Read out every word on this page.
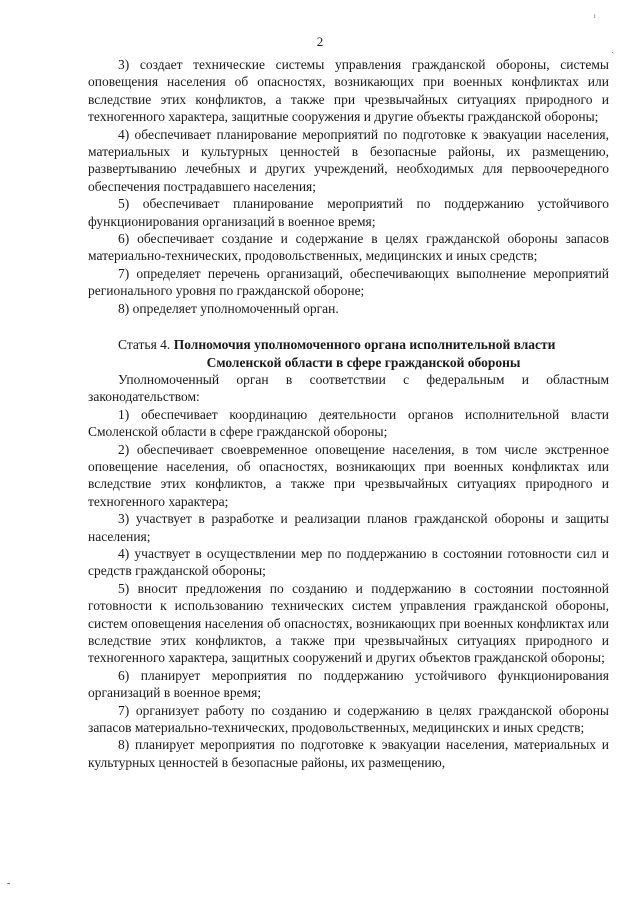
ᵢ
ˎ
-
2

3) создает технические системы управления гражданской обороны, системы оповещения населения об опасностях, возникающих при военных конфликтах или вследствие этих конфликтов, а также при чрезвычайных ситуациях природного и техногенного характера, защитные сооружения и другие объекты гражданской обороны;

4) обеспечивает планирование мероприятий по подготовке к эвакуации населения, материальных и культурных ценностей в безопасные районы, их размещению, развертыванию лечебных и других учреждений, необходимых для первоочередного обеспечения пострадавшего населения;

5) обеспечивает планирование мероприятий по поддержанию устойчивого функционирования организаций в военное время;

6) обеспечивает создание и содержание в целях гражданской обороны запасов материально-технических, продовольственных, медицинских и иных средств;

7) определяет перечень организаций, обеспечивающих выполнение мероприятий регионального уровня по гражданской обороне;

8) определяет уполномоченный орган.

Статья 4. Полномочия уполномоченного органа исполнительной власти

Смоленской области в сфере гражданской обороны

Уполномоченный орган в соответствии с федеральным и областным законодательством:

1) обеспечивает координацию деятельности органов исполнительной власти Смоленской области в сфере гражданской обороны;

2) обеспечивает своевременное оповещение населения, в том числе экстренное оповещение населения, об опасностях, возникающих при военных конфликтах или вследствие этих конфликтов, а также при чрезвычайных ситуациях природного и техногенного характера;

3) участвует в разработке и реализации планов гражданской обороны и защиты населения;

4) участвует в осуществлении мер по поддержанию в состоянии готовности сил и средств гражданской обороны;

5) вносит предложения по созданию и поддержанию в состоянии постоянной готовности к использованию технических систем управления гражданской обороны, систем оповещения населения об опасностях, возникающих при военных конфликтах или вследствие этих конфликтов, а также при чрезвычайных ситуациях природного и техногенного характера, защитных сооружений и других объектов гражданской обороны;

6) планирует мероприятия по поддержанию устойчивого функционирования организаций в военное время;

7) организует работу по созданию и содержанию в целях гражданской обороны запасов материально-технических, продовольственных, медицинских и иных средств;

8) планирует мероприятия по подготовке к эвакуации населения, материальных и культурных ценностей в безопасные районы, их размещению,
